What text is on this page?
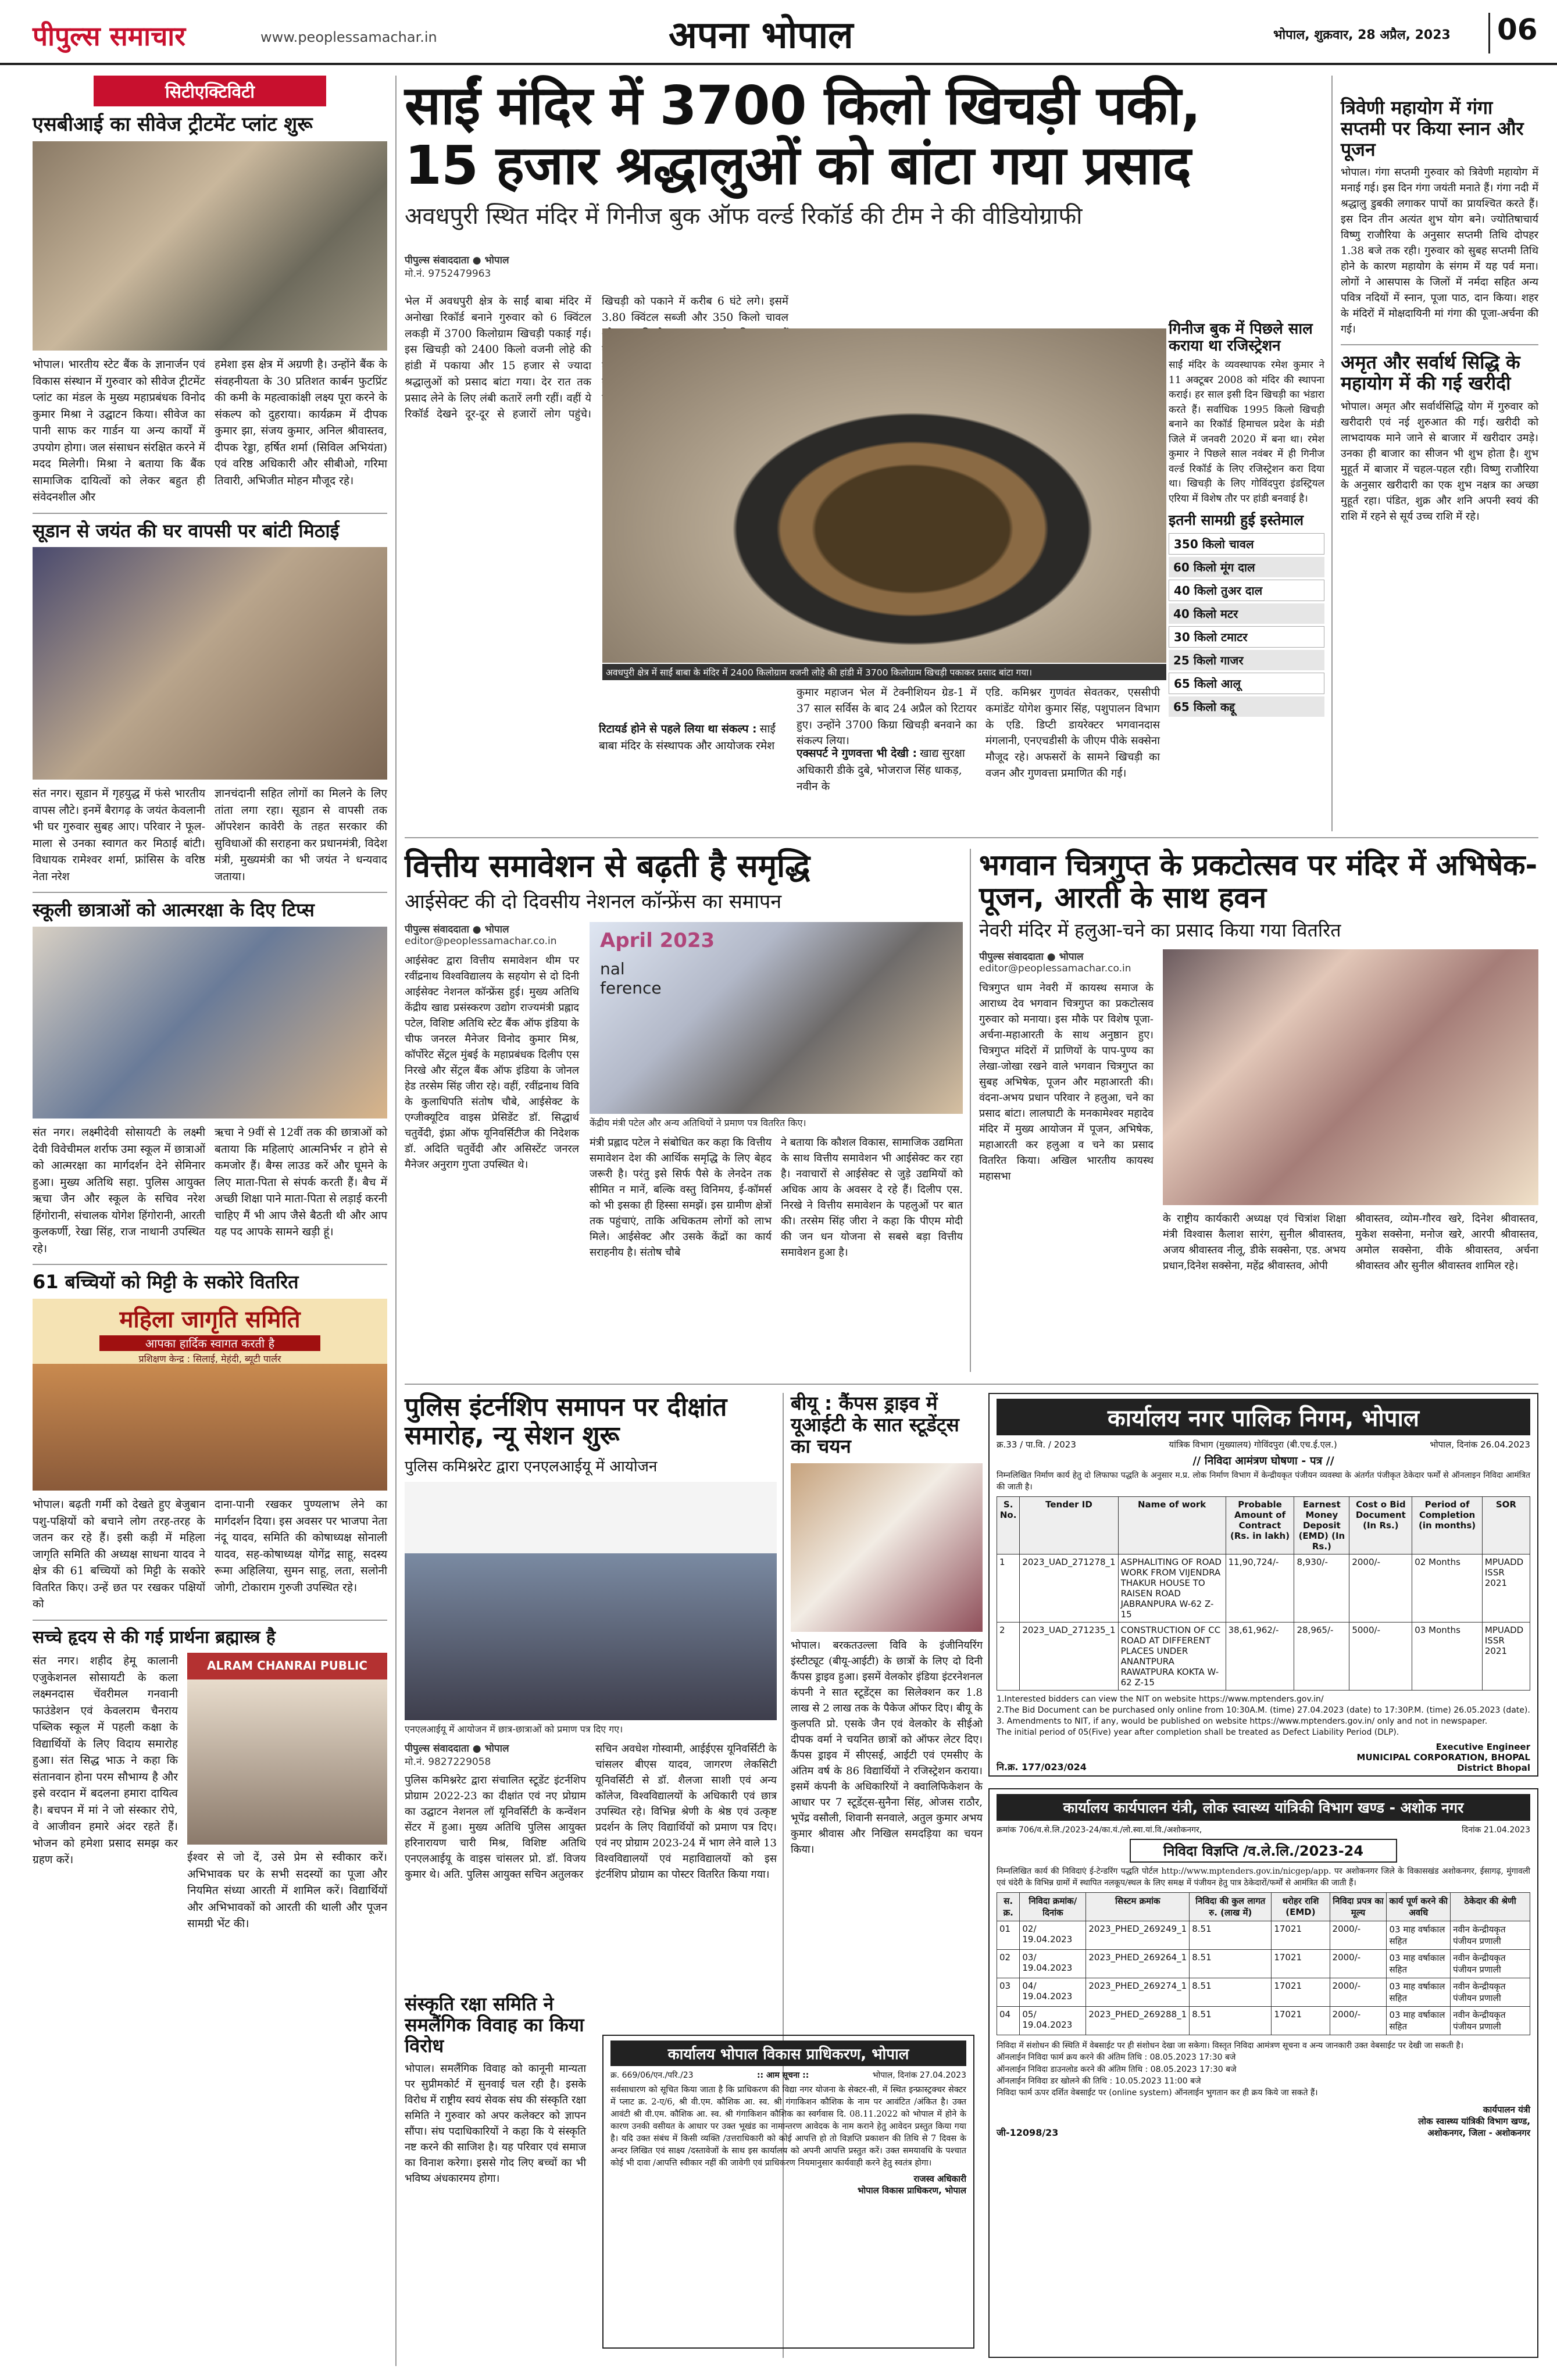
पीपुल्स समाचार	www.peoplessamachar.in	अपना भोपाल	भोपाल, शुक्रवार, 28 अप्रैल, 2023	06
सिटीएक्टिविटी
एसबीआई का सीवेज ट्रीटमेंट प्लांट शुरू
भोपाल। भारतीय स्टेट बैंक के ज्ञानार्जन एवं विकास संस्थान में गुरुवार को सीवेज ट्रीटमेंट प्लांट का मंडल के मुख्य महाप्रबंधक विनोद कुमार मिश्रा ने उद्घाटन किया। सीवेज का पानी साफ कर गार्डन या अन्य कार्यों में उपयोग होगा। जल संसाधन संरक्षित करने में मदद मिलेगी। मिश्रा ने बताया कि बैंक सामाजिक दायित्वों को लेकर बहुत ही संवेदनशील और
हमेशा इस क्षेत्र में अग्रणी है। उन्होंने बैंक के संवहनीयता के 30 प्रतिशत कार्बन फुटप्रिंट की कमी के महत्वाकांक्षी लक्ष्य पूरा करने के संकल्प को दुहराया। कार्यक्रम में दीपक कुमार झा, संजय कुमार, अनिल श्रीवास्तव, दीपक रेड्डा, हर्षित शर्मा (सिविल अभियंता) एवं वरिष्ठ अधिकारी और सीबीओ, गरिमा तिवारी, अभिजीत मोहन मौजूद रहे।
सूडान से जयंत की घर वापसी पर बांटी मिठाई
संत नगर। सूडान में गृहयुद्ध में फंसे भारतीय वापस लौटे। इनमें बैरागढ़ के जयंत केवलानी भी घर गुरुवार सुबह आए। परिवार ने फूल-माला से उनका स्वागत कर मिठाई बांटी। विधायक रामेश्वर शर्मा, फ्रांसिस के वरिष्ठ नेता नरेश
ज्ञानचंदानी सहित लोगों का मिलने के लिए तांता लगा रहा। सूडान से वापसी तक ऑपरेशन कावेरी के तहत सरकार की सुविधाओं की सराहना कर प्रधानमंत्री, विदेश मंत्री, मुख्यमंत्री का भी जयंत ने धन्यवाद जताया।
स्कूली छात्राओं को आत्मरक्षा के दिए टिप्स
संत नगर। लक्ष्मीदेवी सोसायटी के लक्ष्मी देवी विवेचीमल शर्राफ उमा स्कूल में छात्राओं को आत्मरक्षा का मार्गदर्शन देने सेमिनार हुआ। मुख्य अतिथि सहा. पुलिस आयुक्त ऋचा जैन और स्कूल के सचिव नरेश हिंगोरानी, संचालक योगेश हिंगोरानी, आरती कुलकर्णी, रेखा सिंह, राज नाथानी उपस्थित रहे।
ऋचा ने 9वीं से 12वीं तक की छात्राओं को बताया कि महिलाएं आत्मनिर्भर न होने से कमजोर हैं। बैग्स लाउड करें और घूमने के लिए माता-पिता से संपर्क करती हैं। बैच में अच्छी शिक्षा पाने माता-पिता से लड़ाई करनी चाहिए मैं भी आप जैसे बैठती थी और आप यह पद आपके सामने खड़ी हूं।
61 बच्चियों को मिट्टी के सकोरे वितरित
महिला जागृति समिति
आपका हार्दिक स्वागत करती है
प्रशिक्षण केन्द्र : सिलाई, मेहंदी, ब्यूटी पार्लर
भोपाल। बढ़ती गर्मी को देखते हुए बेजुबान पशु-पक्षियों को बचाने लोग तरह-तरह के जतन कर रहे हैं। इसी कड़ी में महिला जागृति समिति की अध्यक्ष साधना यादव ने क्षेत्र की 61 बच्चियों को मिट्टी के सकोरे वितरित किए। उन्हें छत पर रखकर पक्षियों को
दाना-पानी रखकर पुण्यलाभ लेने का मार्गदर्शन दिया। इस अवसर पर भाजपा नेता नंदू यादव, समिति की कोषाध्यक्ष सोनाली यादव, सह-कोषाध्यक्ष योगेंद्र साहू, सदस्य रूमा अहिलिया, सुमन साहू, लता, सलोनी जोगी, टोकाराम गुरुजी उपस्थित रहे।
सच्चे हृदय से की गई प्रार्थना ब्रह्मास्त्र है
संत नगर। शहीद हेमू कालानी एजुकेशनल सोसायटी के कला लक्ष्मनदास चेंवरीमल गनवानी फाउंडेशन एवं केवलराम चैनराय पब्लिक स्कूल में पहली कक्षा के विद्यार्थियों के लिए विदाय समारोह हुआ। संत सिद्ध भाऊ ने कहा कि संतानवान होना परम सौभाग्य है और इसे वरदान में बदलना हमारा दायित्व है। बचपन में मां ने जो संस्कार रोपे, वे आजीवन हमारे अंदर रहते हैं। भोजन को हमेशा प्रसाद समझ कर ग्रहण करें।
ALRAM CHANRAI PUBLIC
ईश्वर से जो दें, उसे प्रेम से स्वीकार करें। अभिभावक घर के सभी सदस्यों का पूजा और नियमित संध्या आरती में शामिल करें। विद्यार्थियों और अभिभावकों को आरती की थाली और पूजन सामग्री भेंट की।
साईं मंदिर में 3700 किलो खिचड़ी पकी,
15 हजार श्रद्धालुओं को बांटा गया प्रसाद
अवधपुरी स्थित मंदिर में गिनीज बुक ऑफ वर्ल्ड रिकॉर्ड की टीम ने की वीडियोग्राफी
पीपुल्स संवाददाता ● भोपाल
मो.नं. 9752479963
भेल में अवधपुरी क्षेत्र के साईं बाबा मंदिर में अनोखा रिकॉर्ड बनाने गुरुवार को 6 क्विंटल लकड़ी में 3700 किलोग्राम खिचड़ी पकाई गई। इस खिचड़ी को 2400 किलो वजनी लोहे की हांडी में पकाया और 15 हजार से ज्यादा श्रद्धालुओं को प्रसाद बांटा गया। देर रात तक प्रसाद लेने के लिए लंबी कतारें लगी रहीं। वहीं ये रिकॉर्ड देखने दूर-दूर से हजारों लोग पहुंचे। खिचड़ी को पकाने में करीब 6 घंटे लगे। इसमें 3.80 क्विंटल सब्जी और 350 किलो चावल
रिटायर्ड होने से पहले लिया था संकल्प : साईं बाबा मंदिर के संस्थापक और आयोजक रमेश
अवधपुरी क्षेत्र में साईं बाबा के मंदिर में 2400 किलोग्राम वजनी लोहे की हांडी में 3700 किलोग्राम खिचड़ी पकाकर प्रसाद बांटा गया।
कुमार महाजन भेल में टेक्नीशियन ग्रेड-1 में 37 साल सर्विस के बाद 24 अप्रैल को रिटायर हुए। उन्होंने 3700 किग्रा खिचड़ी बनवाने का संकल्प लिया।
एक्सपर्ट ने गुणवत्ता भी देखी : खाद्य सुरक्षा अधिकारी डीके दुबे, भोजराज सिंह धाकड़, नवीन के
एडि. कमिश्नर गुणवंत सेवतकर, एससीपी कमांडेंट योगेश कुमार सिंह, पशुपालन विभाग के एडि. डिप्टी डायरेक्टर भगवानदास मंगलानी, एनएचडीसी के जीएम पीके सक्सेना मौजूद रहे। अफसरों के सामने खिचड़ी का वजन और गुणवत्ता प्रमाणित की गई।
गिनीज बुक में पिछले साल कराया था रजिस्ट्रेशन
साईं मंदिर के व्यवस्थापक रमेश कुमार ने 11 अक्टूबर 2008 को मंदिर की स्थापना कराई। हर साल इसी दिन खिचड़ी का भंडारा करते हैं। सर्वाधिक 1995 किलो खिचड़ी बनाने का रिकॉर्ड हिमाचल प्रदेश के मंडी जिले में जनवरी 2020 में बना था। रमेश कुमार ने पिछले साल नवंबर में ही गिनीज वर्ल्ड रिकॉर्ड के लिए रजिस्ट्रेशन करा दिया था। खिचड़ी के लिए गोविंदपुरा इंडस्ट्रियल एरिया में विशेष तौर पर हांडी बनवाई है।
इतनी सामग्री हुई इस्तेमाल
350 किलो चावल
60 किलो मूंग दाल
40 किलो तुअर दाल
40 किलो मटर
30 किलो टमाटर
25 किलो गाजर
65 किलो आलू
65 किलो कद्दू
त्रिवेणी महायोग में गंगा सप्तमी पर किया स्नान और पूजन
भोपाल। गंगा सप्तमी गुरुवार को त्रिवेणी महायोग में मनाई गई। इस दिन गंगा जयंती मनाते हैं। गंगा नदी में श्रद्धालु डुबकी लगाकर पापों का प्रायश्चित करते हैं। इस दिन तीन अत्यंत शुभ योग बने। ज्योतिषाचार्य विष्णु राजौरिया के अनुसार सप्तमी तिथि दोपहर 1.38 बजे तक रही। गुरुवार को सुबह सप्तमी तिथि होने के कारण महायोग के संगम में यह पर्व मना। लोगों ने आसपास के जिलों में नर्मदा सहित अन्य पवित्र नदियों में स्नान, पूजा पाठ, दान किया। शहर के मंदिरों में मोक्षदायिनी मां गंगा की पूजा-अर्चना की गई।
अमृत और सर्वार्थ सिद्धि के महायोग में की गई खरीदी
भोपाल। अमृत और सर्वार्थसिद्धि योग में गुरुवार को खरीदारी एवं नई शुरुआत की गई। खरीदी को लाभदायक माने जाने से बाजार में खरीदार उमड़े। उनका ही बाजार का सीजन भी शुभ होता है। शुभ मुहूर्त में बाजार में चहल-पहल रही। विष्णु राजौरिया के अनुसार खरीदारी का एक शुभ नक्षत्र का अच्छा मुहूर्त रहा। पंडित, शुक्र और शनि अपनी स्वयं की राशि में रहने से सूर्य उच्च राशि में रहे।
वित्तीय समावेशन से बढ़ती है समृद्धि
आईसेक्ट की दो दिवसीय नेशनल कॉन्फ्रेंस का समापन
पीपुल्स संवाददाता ● भोपाल
editor@peoplessamachar.co.in
आईसेक्ट द्वारा वित्तीय समावेशन थीम पर रवींद्रनाथ विश्वविद्यालय के सहयोग से दो दिनी आईसेक्ट नेशनल कॉन्फ्रेंस हुई। मुख्य अतिथि केंद्रीय खाद्य प्रसंस्करण उद्योग राज्यमंत्री प्रह्लाद पटेल, विशिष्ट अतिथि स्टेट बैंक ऑफ इंडिया के चीफ जनरल मैनेजर विनोद कुमार मिश्र, कॉर्पोरेट सेंट्रल मुंबई के महाप्रबंधक दिलीप एस निरखे और सेंट्रल बैंक ऑफ इंडिया के जोनल हेड तरसेम सिंह जीरा रहे। वहीं, रवींद्रनाथ विवि के कुलाधिपति संतोष चौबे, आईसेक्ट के एग्जीक्यूटिव वाइस प्रेसिडेंट डॉ. सिद्धार्थ चतुर्वेदी, इंफ्रा ऑफ यूनिवर्सिटीज की निदेशक डॉ. अदिति चतुर्वेदी और असिस्टेंट जनरल मैनेजर अनुराग गुप्ता उपस्थित थे।
April 2023
nal
ference
केंद्रीय मंत्री पटेल और अन्य अतिथियों ने प्रमाण पत्र वितरित किए।
मंत्री प्रह्लाद पटेल ने संबोधित कर कहा कि वित्तीय समावेशन देश की आर्थिक समृद्धि के लिए बेहद जरूरी है। परंतु इसे सिर्फ पैसे के लेनदेन तक सीमित न मानें, बल्कि वस्तु विनिमय, ई-कॉमर्स को भी इसका ही हिस्सा समझें। इस ग्रामीण क्षेत्रों तक पहुंचाएं, ताकि अधिकतम लोगों को लाभ मिले। आईसेक्ट और उसके केंद्रों का कार्य सराहनीय है। संतोष चौबे
ने बताया कि कौशल विकास, सामाजिक उद्यमिता के साथ वित्तीय समावेशन भी आईसेक्ट कर रहा है। नवाचारों से आईसेक्ट से जुड़े उद्यमियों को अधिक आय के अवसर दे रहे हैं। दिलीप एस. निरखे ने वित्तीय समावेशन के पहलुओं पर बात की। तरसेम सिंह जीरा ने कहा कि पीएम मोदी की जन धन योजना से सबसे बड़ा वित्तीय समावेशन हुआ है।
भगवान चित्रगुप्त के प्रकटोत्सव पर मंदिर में अभिषेक-पूजन, आरती के साथ हवन
नेवरी मंदिर में हलुआ-चने का प्रसाद किया गया वितरित
पीपुल्स संवाददाता ● भोपाल
editor@peoplessamachar.co.in
चित्रगुप्त धाम नेवरी में कायस्थ समाज के आराध्य देव भगवान चित्रगुप्त का प्रकटोत्सव गुरुवार को मनाया। इस मौके पर विशेष पूजा-अर्चना-महाआरती के साथ अनुष्ठान हुए। चित्रगुप्त मंदिरों में प्राणियों के पाप-पुण्य का लेखा-जोखा रखने वाले भगवान चित्रगुप्त का सुबह अभिषेक, पूजन और महाआरती की। वंदना-अभय प्रधान परिवार ने हलुआ, चने का प्रसाद बांटा। लालघाटी के मनकामेश्वर महादेव मंदिर में मुख्य आयोजन में पूजन, अभिषेक, महाआरती कर हलुआ व चने का प्रसाद वितरित किया। अखिल भारतीय कायस्थ महासभा
के राष्ट्रीय कार्यकारी अध्यक्ष एवं चित्रांश शिक्षा मंत्री विश्वास कैलाश सारंग, सुनील श्रीवास्तव, अजय श्रीवास्तव नीलू, डीके सक्सेना, एड. अभय प्रधान,दिनेश सक्सेना, महेंद्र श्रीवास्तव, ओपी
श्रीवास्तव, व्योम-गौरव खरे, दिनेश श्रीवास्तव, मुकेश सक्सेना, मनोज खरे, आरपी श्रीवास्तव, अमोल सक्सेना, वीके श्रीवास्तव, अर्चना श्रीवास्तव और सुनील श्रीवास्तव शामिल रहे।
पुलिस इंटर्नशिप समापन पर दीक्षांत समारोह, न्यू सेशन शुरू
पुलिस कमिश्नरेट द्वारा एनएलआईयू में आयोजन
एनएलआईयू में आयोजन में छात्र-छात्राओं को प्रमाण पत्र दिए गए।
पीपुल्स संवाददाता ● भोपाल
मो.नं. 9827229058
पुलिस कमिश्नरेट द्वारा संचालित स्टूडेंट इंटर्नशिप प्रोग्राम 2022-23 का दीक्षांत एवं नए प्रोग्राम का उद्घाटन नेशनल लॉ यूनिवर्सिटी के कन्वेंशन सेंटर में हुआ। मुख्य अतिथि पुलिस आयुक्त हरिनारायण चारी मिश्र, विशिष्ट अतिथि एनएलआईयू के वाइस चांसलर प्रो. डॉ. विजय कुमार थे। अति. पुलिस आयुक्त सचिन अतुलकर
सचिन अवधेश गोस्वामी, आईईएस यूनिवर्सिटी के चांसलर बीएस यादव, जागरण लेकसिटी यूनिवर्सिटी से डॉ. शैलजा साशी एवं अन्य कॉलेज, विश्वविद्यालयों के अधिकारी एवं छात्र उपस्थित रहे। विभिन्न श्रेणी के श्रेष्ठ एवं उत्कृष्ट प्रदर्शन के लिए विद्यार्थियों को प्रमाण पत्र दिए। एवं नए प्रोग्राम 2023-24 में भाग लेने वाले 13 विश्वविद्यालयों एवं महाविद्यालयों को इस इंटर्नशिप प्रोग्राम का पोस्टर वितरित किया गया।
बीयू : कैंपस ड्राइव में यूआईटी के सात स्टूडेंट्स का चयन
भोपाल। बरकतउल्ला विवि के इंजीनियरिंग इंस्टीट्यूट (बीयू-आईटी) के छात्रों के लिए दो दिनी कैंपस ड्राइव हुआ। इसमें वेलकोर इंडिया इंटरनेशनल कंपनी ने सात स्टूडेंट्स का सिलेक्शन कर 1.8 लाख से 2 लाख तक के पैकेज ऑफर दिए। बीयू के कुलपति प्रो. एसके जैन एवं वेलकोर के सीईओ दीपक वर्मा ने चयनित छात्रों को ऑफर लेटर दिए। कैंपस ड्राइव में सीएसई, आईटी एवं एमसीए के अंतिम वर्ष के 86 विद्यार्थियों ने रजिस्ट्रेशन कराया। इसमें कंपनी के अधिकारियों ने क्वालिफिकेशन के आधार पर 7 स्टूडेंट्स-सुनैना सिंह, ओजस राठौर, भूपेंद्र वसौली, शिवानी सनवाले, अतुल कुमार अभय कुमार श्रीवास और निखिल समदड़िया का चयन किया।
संस्कृति रक्षा समिति ने समलैंगिक विवाह का किया विरोध
भोपाल। समलैंगिक विवाह को कानूनी मान्यता पर सुप्रीमकोर्ट में सुनवाई चल रही है। इसके विरोध में राष्ट्रीय स्वयं सेवक संघ की संस्कृति रक्षा समिति ने गुरुवार को अपर कलेक्टर को ज्ञापन सौंपा। संघ पदाधिकारियों ने कहा कि ये संस्कृति नष्ट करने की साजिश है। यह परिवार एवं समाज का विनाश करेगा। इससे गोद लिए बच्चों का भी भविष्य अंधकारमय होगा।
कार्यालय भोपाल विकास प्राधिकरण, भोपाल
क्र. 669/06/एन./परि./23	:: आम सूचना ::	भोपाल, दिनांक 27.04.2023
सर्वसाधारण को सूचित किया जाता है कि प्राधिकरण की विद्या नगर योजना के सेक्टर-सी, में स्थित इन्फ्रास्ट्रक्चर सेक्टर में प्लाट क्र. 2-ए/6, श्री वी.एम. कौशिक आ. स्व. श्री गंगाकिशन कौशिक के नाम पर आवंटित /अंकित है। उक्त आवंटी श्री वी.एम. कौशिक आ. स्व. श्री गंगाकिशन कौशिक का स्वर्गवास दि. 08.11.2022 को भोपाल में होने के कारण उनकी वसीयत के आधार पर उक्त भूखंड का नामान्तरण आवेदक के नाम कराने हेतु आवेदन प्रस्तुत किया गया है। यदि उक्त संबंध में किसी व्यक्ति /उत्तराधिकारी को कोई आपत्ति हो तो विज्ञप्ति प्रकाशन की तिथि से 7 दिवस के अन्दर लिखित एवं साक्ष्य /दस्तावेजों के साथ इस कार्यालय को अपनी आपत्ति प्रस्तुत करें। उक्त समयावधि के पश्चात कोई भी दावा /आपत्ति स्वीकार नहीं की जावेगी एवं प्राधिकरण नियमानुसार कार्यवाही करने हेतु स्वतंत्र होगा।
राजस्व अधिकारी
भोपाल विकास प्राधिकरण, भोपाल
कार्यालय नगर पालिक निगम, भोपाल
क्र.33 / पा.वि. / 2023	यांत्रिक विभाग (मुख्यालय) गोविंदपुरा (बी.एच.ई.एल.)	भोपाल, दिनांक 26.04.2023
// निविदा आमंत्रण घोषणा - पत्र //
निम्नलिखित निर्माण कार्य हेतु दो लिफाफा पद्धति के अनुसार म.प्र. लोक निर्माण विभाग में केन्द्रीयकृत पंजीयन व्यवस्था के अंतर्गत पंजीकृत ठेकेदार फर्मों से ऑनलाइन निविदा आमंत्रित की जाती है।
S. No.	Tender ID	Name of work	Probable Amount of Contract (Rs. in lakh)	Earnest Money Deposit (EMD) (In Rs.)	Cost o Bid Document (In Rs.)	Period of Completion (in months)	SOR
1	2023_UAD_271278_1	ASPHALITING OF ROAD WORK FROM VIJENDRA THAKUR HOUSE TO RAISEN ROAD JABRANPURA W-62 Z-15	11,90,724/-	8,930/-	2000/-	02 Months	MPUADD ISSR 2021
2	2023_UAD_271235_1	CONSTRUCTION OF CC ROAD AT DIFFERENT PLACES UNDER ANANTPURA RAWATPURA KOKTA W-62 Z-15	38,61,962/-	28,965/-	5000/-	03 Months	MPUADD ISSR 2021
1.Interested bidders can view the NIT on website https://www.mptenders.gov.in/
2.The Bid Document can be purchased only online from 10:30A.M. (time) 27.04.2023 (date) to 17:30P.M. (time) 26.05.2023 (date).
3. Amendments to NIT, if any, would be published on website https://www.mptenders.gov.in/ only and not in newspaper.
The initial period of 05(Five) year after completion shall be treated as Defect Liability Period (DLP).
नि.क्र. 177/023/024
Executive Engineer
MUNICIPAL CORPORATION, BHOPAL
District Bhopal
कार्यालय कार्यपालन यंत्री, लोक स्वास्थ्य यांत्रिकी विभाग खण्ड - अशोक नगर
क्रमांक 706/व.से.लि./2023-24/का.यं./लो.स्वा.यां.वि./अशोकनगर,	दिनांक 21.04.2023
निविदा विज्ञप्ति /व.ले.लि./2023-24
निम्नलिखित कार्य की निविदाएं ई-टेन्डरिंग पद्धति पोर्टल http://www.mptenders.gov.in/nicgep/app. पर अशोकनगर जिले के विकासखंड अशोकनगर, ईसागढ़, मुंगावली एवं चंदेरी के विभिन्न ग्रामों में स्थापित नलकूप/स्थल के लिए समक्ष में पंजीयन हेतु पात्र ठेकेदारों/फर्मों से आमंत्रित की जाती हैं।
स. क्र.	निविदा क्रमांक/दिनांक	सिस्टम क्रमांक	निविदा की कुल लागत रु. (लाख में)	धरोहर राशि (EMD)	निविदा प्रपत्र का मूल्य	कार्य पूर्ण करने की अवधि	ठेकेदार की श्रेणी
01	02/ 19.04.2023	2023_PHED_269249_1	8.51	17021	2000/-	03 माह वर्षाकाल सहित	नवीन केन्द्रीयकृत पंजीयन प्रणाली
02	03/ 19.04.2023	2023_PHED_269264_1	8.51	17021	2000/-	03 माह वर्षाकाल सहित	नवीन केन्द्रीयकृत पंजीयन प्रणाली
03	04/ 19.04.2023	2023_PHED_269274_1	8.51	17021	2000/-	03 माह वर्षाकाल सहित	नवीन केन्द्रीयकृत पंजीयन प्रणाली
04	05/ 19.04.2023	2023_PHED_269288_1	8.51	17021	2000/-	03 माह वर्षाकाल सहित	नवीन केन्द्रीयकृत पंजीयन प्रणाली
निविदा में संशोधन की स्थिति में वेबसाईट पर ही संशोधन देखा जा सकेगा। विस्तृत निविदा आमंत्रण सूचना व अन्य जानकारी उक्त वेबसाईट पर देखी जा सकती है।
ऑनलाईन निविदा फार्म क्रय करने की अंतिम तिथि : 08.05.2023 17:30 बजे
ऑनलाईन निविदा डाउनलोड करने की अंतिम तिथि : 08.05.2023 17:30 बजे
ऑनलाईन निविदा डर खोलने की तिथि : 10.05.2023 11:00 बजे
निविदा फार्म ऊपर दर्शित वेबसाईट पर (online system) ऑनलाईन भुगतान कर ही क्रय किये जा सकते हैं।
जी-12098/23
कार्यपालन यंत्री
लोक स्वास्थ्य यांत्रिकी विभाग खण्ड,
अशोकनगर, जिला - अशोकनगर
